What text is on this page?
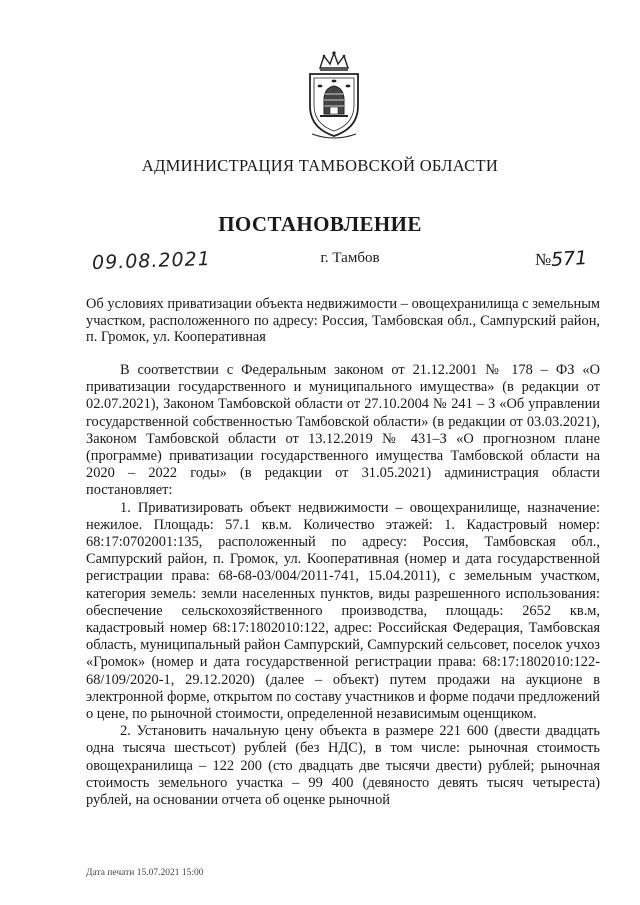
АДМИНИСТРАЦИЯ ТАМБОВСКОЙ ОБЛАСТИ
ПОСТАНОВЛЕНИЕ
09.08.2021	г. Тамбов	№571
Об условиях приватизации объекта недвижимости – овощехранилища с земельным участком, расположенного по адресу: Россия, Тамбовская обл., Сампурский район, п. Громок, ул. Кооперативная

В соответствии с Федеральным законом от 21.12.2001 № 178 – ФЗ «О приватизации государственного и муниципального имущества» (в редакции от 02.07.2021), Законом Тамбовской области от 27.10.2004 № 241 – З «Об управлении государственной собственностью Тамбовской области» (в редакции от 03.03.2021), Законом Тамбовской области от 13.12.2019 № 431–З «О прогнозном плане (программе) приватизации государственного имущества Тамбовской области на 2020 – 2022 годы» (в редакции от 31.05.2021) администрация области постановляет:

1. Приватизировать объект недвижимости – овощехранилище, назначение: нежилое. Площадь: 57.1 кв.м. Количество этажей: 1. Кадастровый номер: 68:17:0702001:135, расположенный по адресу: Россия, Тамбовская обл., Сампурский район, п. Громок, ул. Кооперативная (номер и дата государственной регистрации права: 68-68-03/004/2011-741, 15.04.2011), с земельным участком, категория земель: земли населенных пунктов, виды разрешенного использования: обеспечение сельскохозяйственного производства, площадь: 2652 кв.м, кадастровый номер 68:17:1802010:122, адрес: Российская Федерация, Тамбовская область, муниципальный район Сампурский, Сампурский сельсовет, поселок учхоз «Громок» (номер и дата государственной регистрации права: 68:17:1802010:122-68/109/2020-1, 29.12.2020) (далее – объект) путем продажи на аукционе в электронной форме, открытом по составу участников и форме подачи предложений о цене, по рыночной стоимости, определенной независимым оценщиком.

2. Установить начальную цену объекта в размере 221 600 (двести двадцать одна тысяча шестьсот) рублей (без НДС), в том числе: рыночная стоимость овощехранилища – 122 200 (сто двадцать две тысячи двести) рублей; рыночная стоимость земельного участка – 99 400 (девяносто девять тысяч четыреста) рублей, на основании отчета об оценке рыночной

Дата печати 15.07.2021 15:00
